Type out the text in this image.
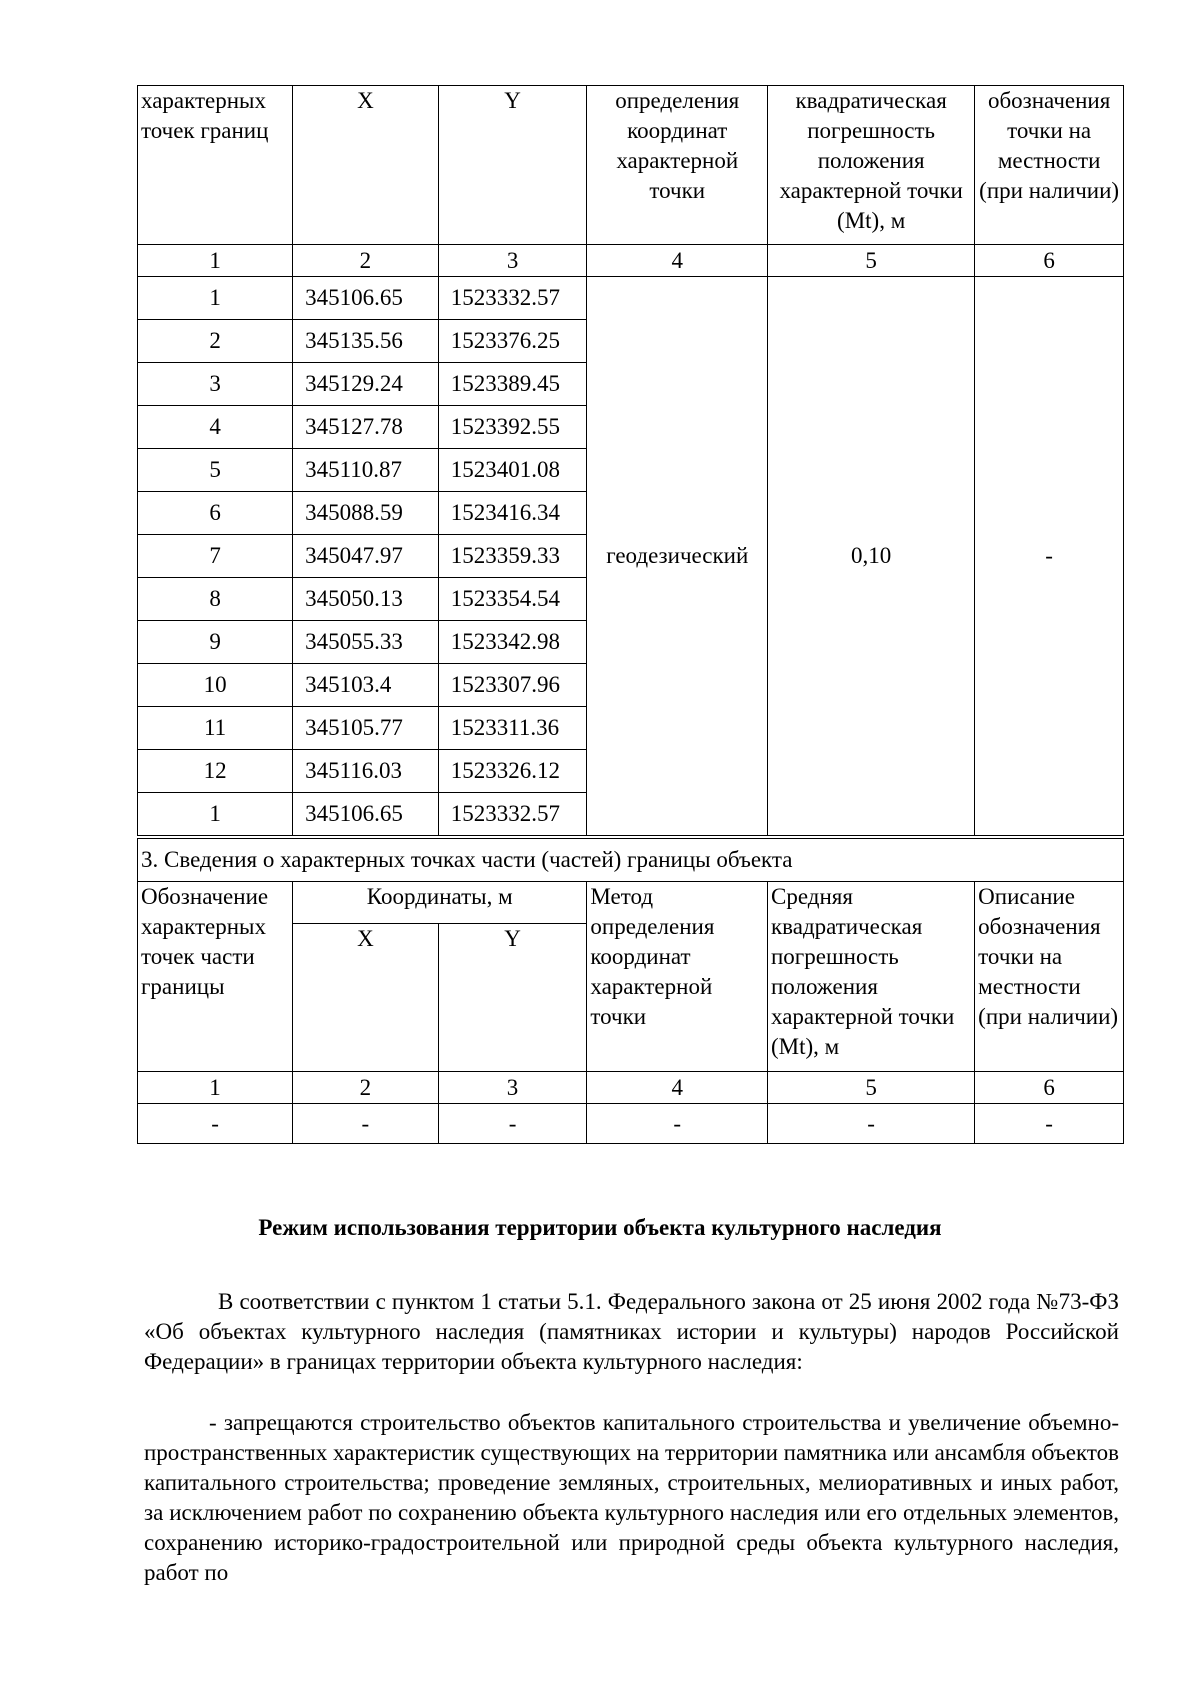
характерных точек границ	X	Y	определения координат характерной точки	квадратическая погрешность положения характерной точки (Mt), м	обозначения точки на местности (при наличии)
1	2	3	4	5	6
1	345106.65	1523332.57	геодезический	0,10	-
2	345135.56	1523376.25			
3	345129.24	1523389.45			
4	345127.78	1523392.55			
5	345110.87	1523401.08			
6	345088.59	1523416.34			
7	345047.97	1523359.33			
8	345050.13	1523354.54			
9	345055.33	1523342.98			
10	345103.4	1523307.96			
11	345105.77	1523311.36			
12	345116.03	1523326.12			
1	345106.65	1523332.57			
3. Сведения о характерных точках части (частей) границы объекта					
Обозначение характерных точек части границы	Координаты, м		Метод определения координат характерной точки	Средняя квадратическая погрешность положения характерной точки (Mt), м	Описание обозначения точки на местности (при наличии)
	X	Y			
1	2	3	4	5	6
-	-	-	-	-	-
Режим использования территории объекта культурного наследия

В соответствии с пунктом 1 статьи 5.1. Федерального закона от 25 июня 2002 года №73-ФЗ «Об объектах культурного наследия (памятниках истории и культуры) народов Российской Федерации» в границах территории объекта культурного наследия:

- запрещаются строительство объектов капитального строительства и увеличение объемно-пространственных характеристик существующих на территории памятника или ансамбля объектов капитального строительства; проведение земляных, строительных, мелиоративных и иных работ, за исключением работ по сохранению объекта культурного наследия или его отдельных элементов, сохранению историко-градостроительной или природной среды объекта культурного наследия, работ по
